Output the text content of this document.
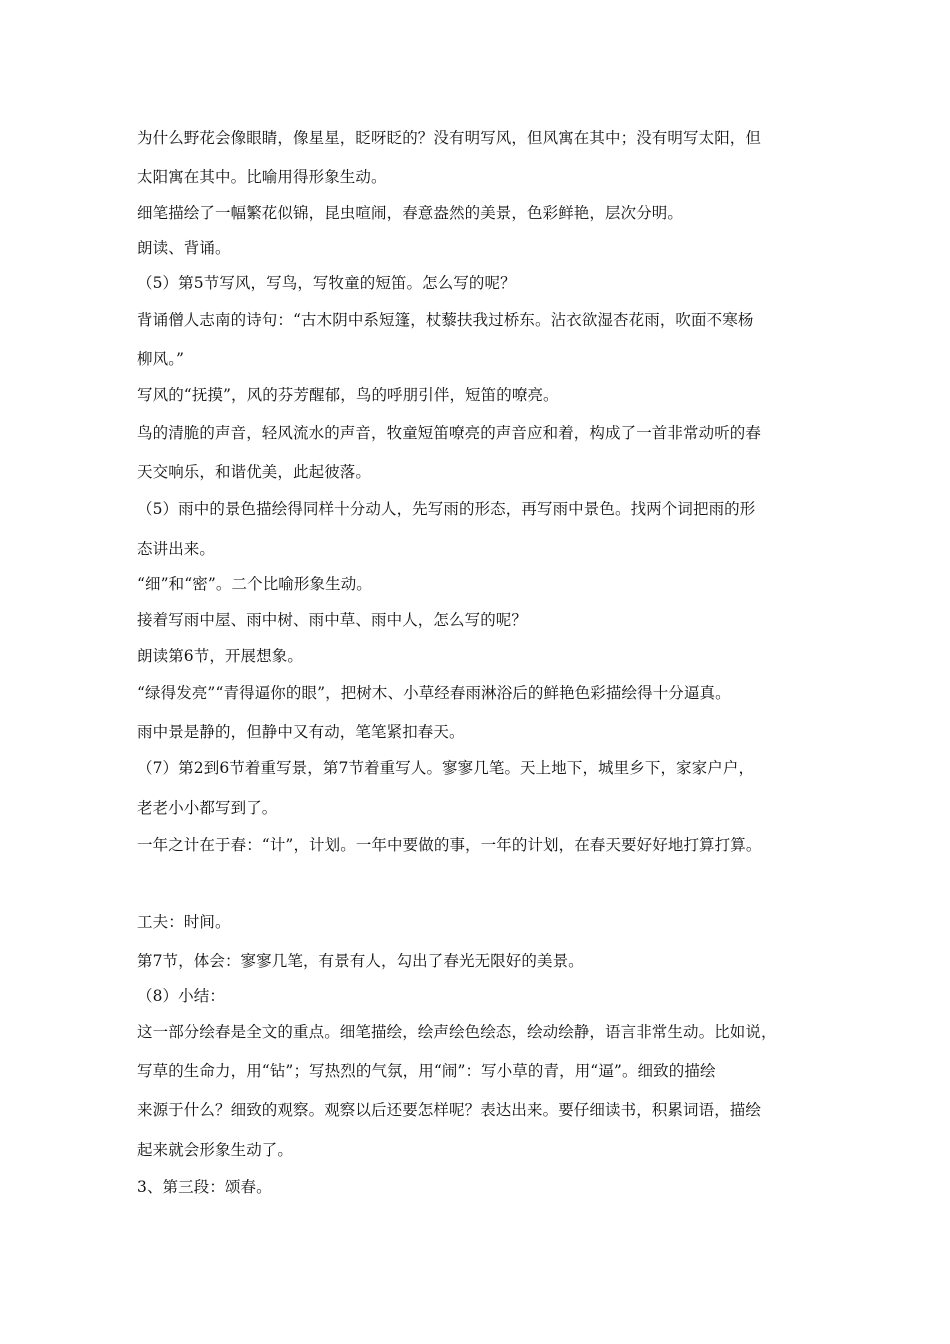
为什么野花会像眼睛，像星星，眨呀眨的？没有明写风，但风寓在其中；没有明写太阳，但

太阳寓在其中。比喻用得形象生动。

细笔描绘了一幅繁花似锦，昆虫喧闹，春意盎然的美景，色彩鲜艳，层次分明。

朗读、背诵。

（5）第5节写风，写鸟，写牧童的短笛。怎么写的呢？

背诵僧人志南的诗句：“古木阴中系短篷，杖藜扶我过桥东。沾衣欲湿杏花雨，吹面不寒杨

柳风。”

写风的“抚摸”，风的芬芳醒郁，鸟的呼朋引伴，短笛的嘹亮。

鸟的清脆的声音，轻风流水的声音，牧童短笛嘹亮的声音应和着，构成了一首非常动听的春

天交响乐，和谐优美，此起彼落。

（5）雨中的景色描绘得同样十分动人，先写雨的形态，再写雨中景色。找两个词把雨的形

态讲出来。

“细”和“密”。二个比喻形象生动。

接着写雨中屋、雨中树、雨中草、雨中人，怎么写的呢？

朗读第6节，开展想象。

“绿得发亮”“青得逼你的眼”，把树木、小草经春雨淋浴后的鲜艳色彩描绘得十分逼真。

雨中景是静的，但静中又有动，笔笔紧扣春天。

（7）第2到6节着重写景，第7节着重写人。寥寥几笔。天上地下，城里乡下，家家户户，

老老小小都写到了。

一年之计在于春：“计”，计划。一年中要做的事，一年的计划，在春天要好好地打算打算。

工夫：时间。

第7节，体会：寥寥几笔，有景有人，勾出了春光无限好的美景。

（8）小结：

这一部分绘春是全文的重点。细笔描绘，绘声绘色绘态，绘动绘静，语言非常生动。比如说，

写草的生命力，用“钻”；写热烈的气氛，用“闹”：写小草的青，用“逼”。细致的描绘

来源于什么？细致的观察。观察以后还要怎样呢？表达出来。要仔细读书，积累词语，描绘

起来就会形象生动了。

3、第三段：颂春。
